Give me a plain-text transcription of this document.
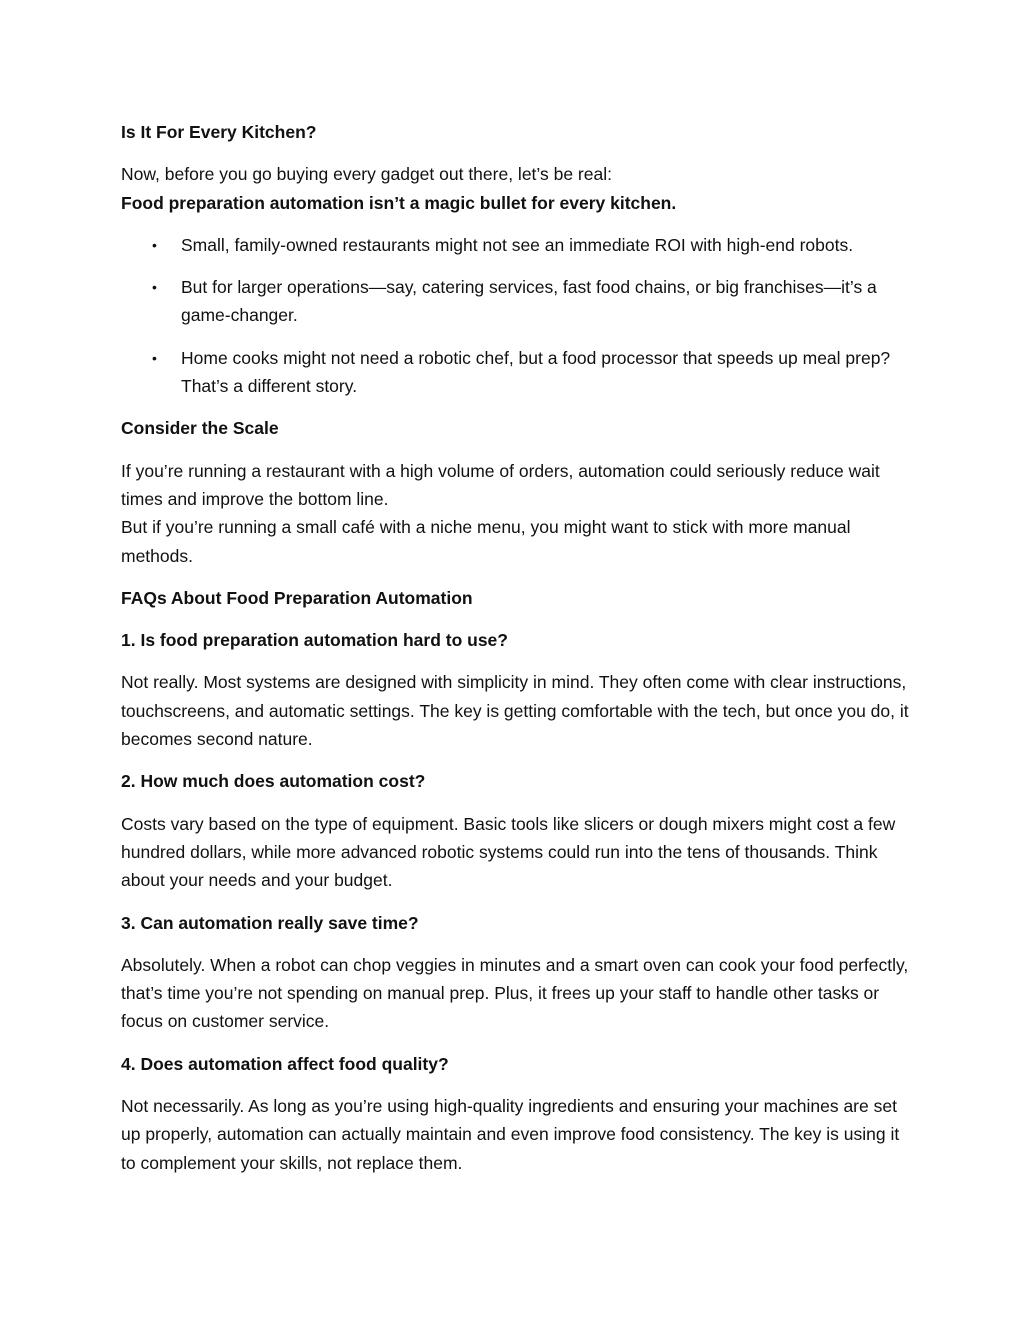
Is It For Every Kitchen?

Now, before you go buying every gadget out there, let’s be real:
Food preparation automation isn’t a magic bullet for every kitchen.

• Small, family-owned restaurants might not see an immediate ROI with high-end robots.
• But for larger operations—say, catering services, fast food chains, or big franchises—it’s a game-changer.
• Home cooks might not need a robotic chef, but a food processor that speeds up meal prep? That’s a different story.

Consider the Scale

If you’re running a restaurant with a high volume of orders, automation could seriously reduce wait times and improve the bottom line.
But if you’re running a small café with a niche menu, you might want to stick with more manual methods.

FAQs About Food Preparation Automation

1. Is food preparation automation hard to use?

Not really. Most systems are designed with simplicity in mind. They often come with clear instructions, touchscreens, and automatic settings. The key is getting comfortable with the tech, but once you do, it becomes second nature.

2. How much does automation cost?

Costs vary based on the type of equipment. Basic tools like slicers or dough mixers might cost a few hundred dollars, while more advanced robotic systems could run into the tens of thousands. Think about your needs and your budget.

3. Can automation really save time?

Absolutely. When a robot can chop veggies in minutes and a smart oven can cook your food perfectly, that’s time you’re not spending on manual prep. Plus, it frees up your staff to handle other tasks or focus on customer service.

4. Does automation affect food quality?

Not necessarily. As long as you’re using high-quality ingredients and ensuring your machines are set up properly, automation can actually maintain and even improve food consistency. The key is using it to complement your skills, not replace them.
